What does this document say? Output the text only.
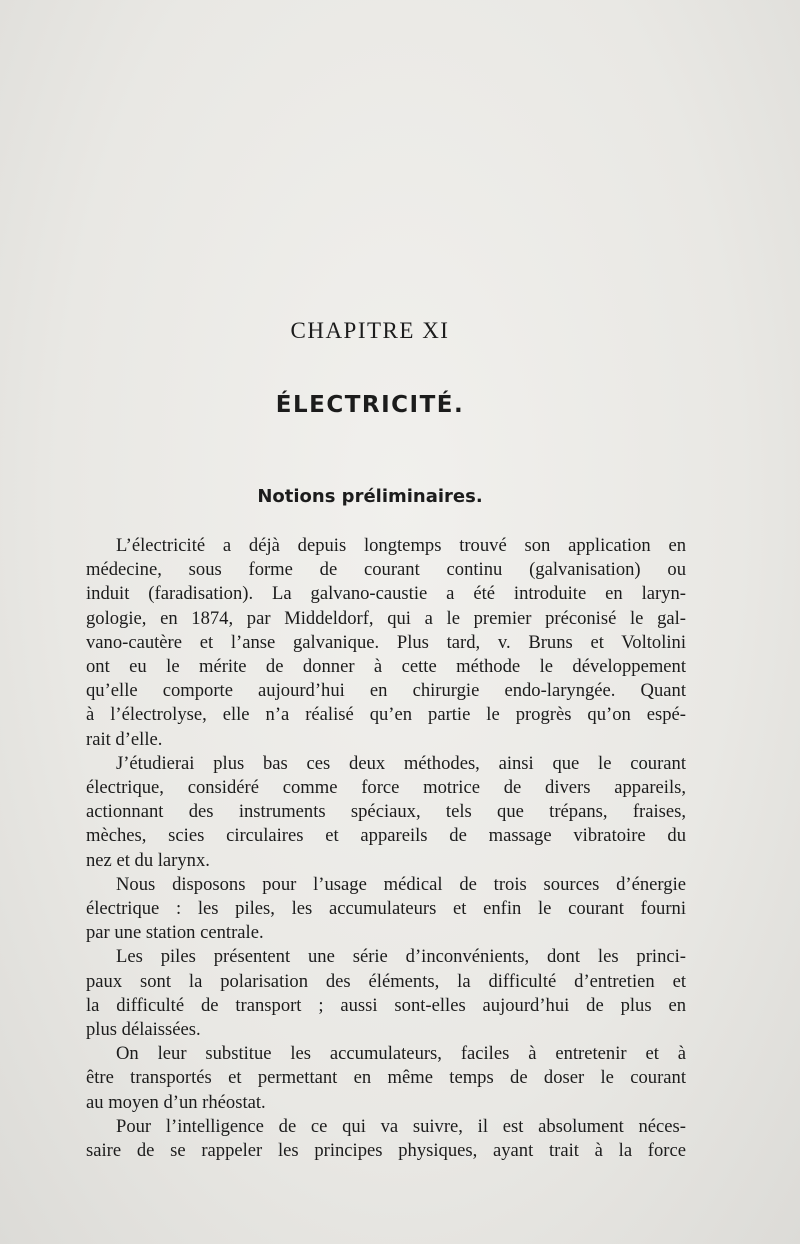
CHAPITRE XI
ÉLECTRICITÉ.
Notions préliminaires.

L’électricité a déjà depuis longtemps trouvé son application en
médecine, sous forme de courant continu (galvanisation) ou
induit (faradisation). La galvano-caustie a été introduite en laryn-
gologie, en 1874, par Middeldorf, qui a le premier préconisé le gal-
vano-cautère et l’anse galvanique. Plus tard, v. Bruns et Voltolini
ont eu le mérite de donner à cette méthode le développement
qu’elle comporte aujourd’hui en chirurgie endo-laryngée. Quant
à l’électrolyse, elle n’a réalisé qu’en partie le progrès qu’on espé-
rait d’elle.

J’étudierai plus bas ces deux méthodes, ainsi que le courant
électrique, considéré comme force motrice de divers appareils,
actionnant des instruments spéciaux, tels que trépans, fraises,
mèches, scies circulaires et appareils de massage vibratoire du
nez et du larynx.

Nous disposons pour l’usage médical de trois sources d’énergie
électrique : les piles, les accumulateurs et enfin le courant fourni
par une station centrale.

Les piles présentent une série d’inconvénients, dont les princi-
paux sont la polarisation des éléments, la difficulté d’entretien et
la difficulté de transport ; aussi sont-elles aujourd’hui de plus en
plus délaissées.

On leur substitue les accumulateurs, faciles à entretenir et à
être transportés et permettant en même temps de doser le courant
au moyen d’un rhéostat.

Pour l’intelligence de ce qui va suivre, il est absolument néces-
saire de se rappeler les principes physiques, ayant trait à la force
